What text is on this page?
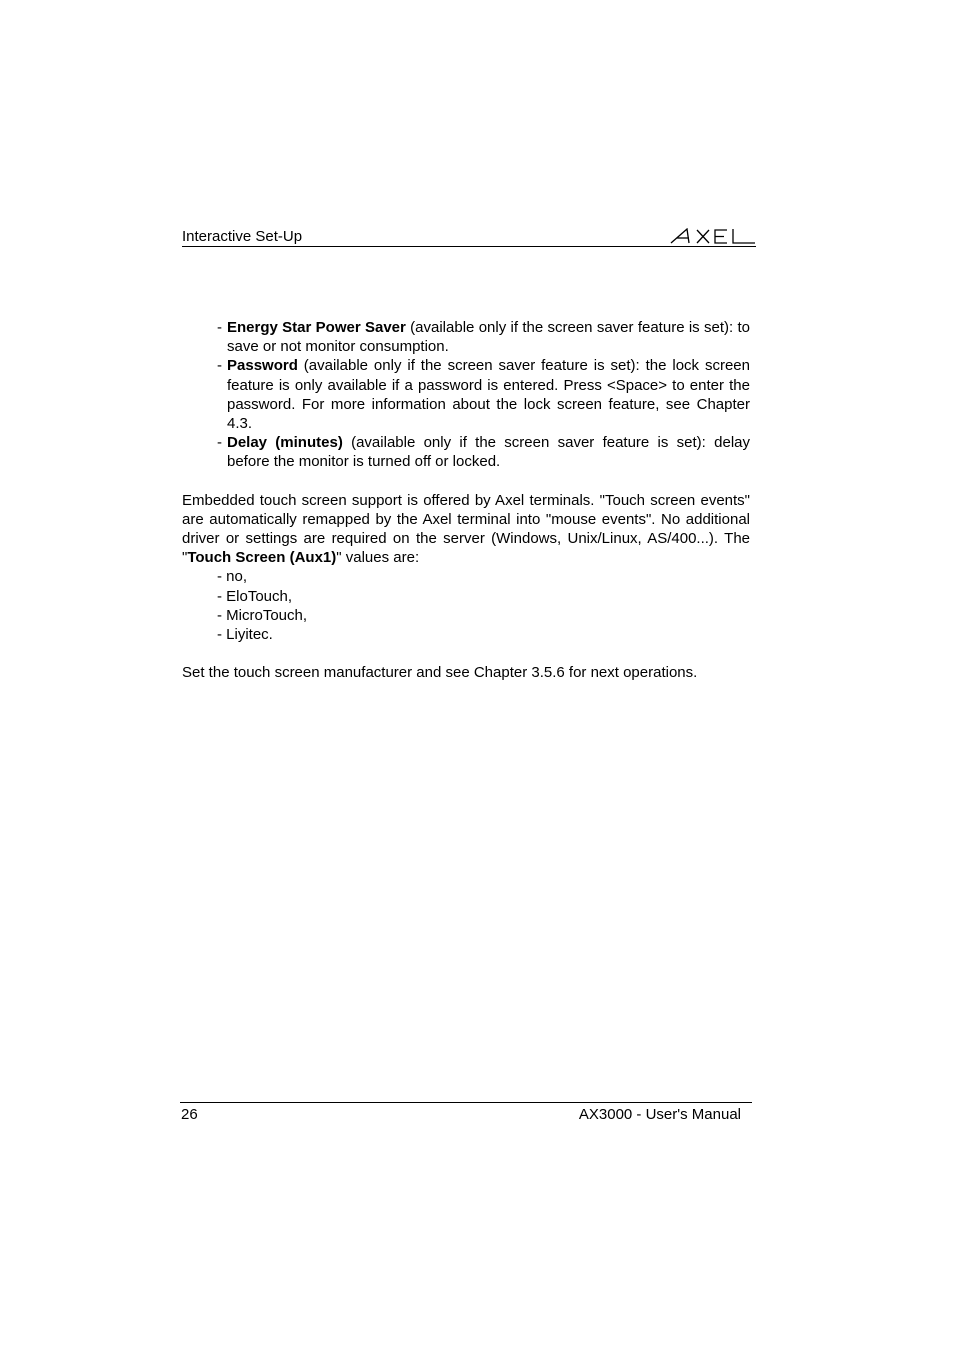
Interactive Set-Up
- Energy Star Power Saver (available only if the screen saver feature is set): to save or not monitor consumption.
- Password (available only if the screen saver feature is set): the lock screen feature is only available if a password is entered. Press <Space> to enter the password. For more information about the lock screen feature, see Chapter 4.3.
- Delay (minutes) (available only if the screen saver feature is set): delay before the monitor is turned off or locked.
Embedded touch screen support is offered by Axel terminals. "Touch screen events" are automatically remapped by the Axel terminal into "mouse events". No additional driver or settings are required on the server (Windows, Unix/Linux, AS/400...). The "Touch Screen (Aux1)" values are:
- no,
- EloTouch,
- MicroTouch,
- Liyitec.
Set the touch screen manufacturer and see Chapter 3.5.6 for next operations.
26	AX3000 - User's Manual
